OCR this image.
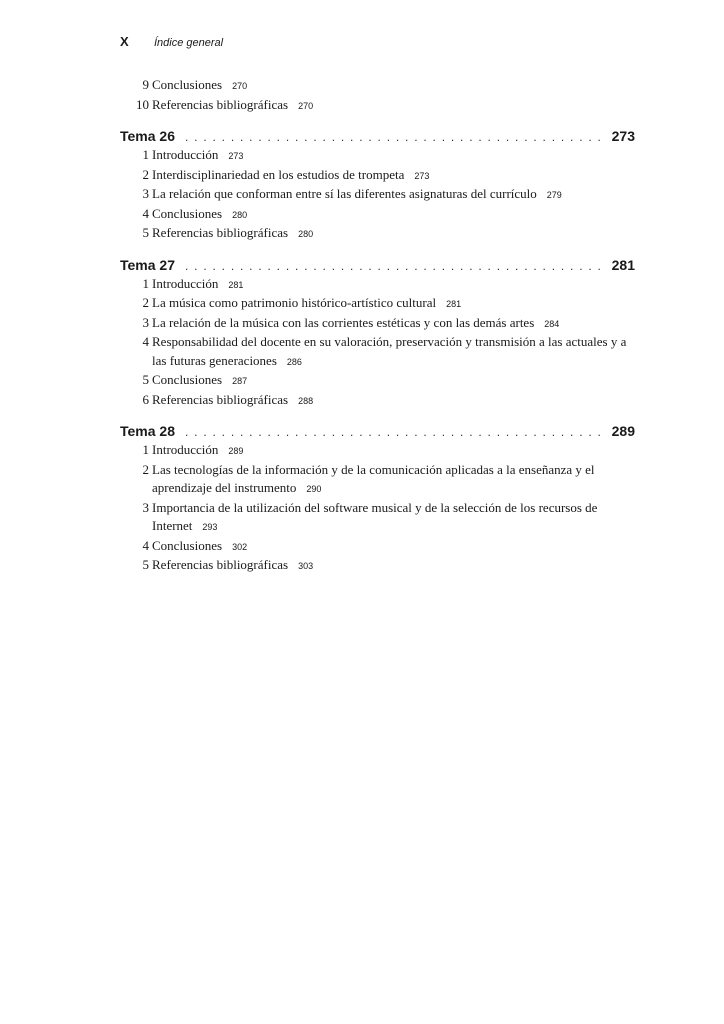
X	Índice general
9 Conclusiones 270
10 Referencias bibliográficas 270
Tema 26 . . .	273
1 Introducción 273
2 Interdisciplinariedad en los estudios de trompeta 273
3 La relación que conforman entre sí las diferentes asignaturas del currículo 279
4 Conclusiones 280
5 Referencias bibliográficas 280
Tema 27 . . .	281
1 Introducción 281
2 La música como patrimonio histórico-artístico cultural 281
3 La relación de la música con las corrientes estéticas y con las demás artes 284
4 Responsabilidad del docente en su valoración, preservación y transmisión a las actuales y a las futuras generaciones 286
5 Conclusiones 287
6 Referencias bibliográficas 288
Tema 28 . . .	289
1 Introducción 289
2 Las tecnologías de la información y de la comunicación aplicadas a la enseñanza y el aprendizaje del instrumento 290
3 Importancia de la utilización del software musical y de la selección de los recursos de Internet 293
4 Conclusiones 302
5 Referencias bibliográficas 303
